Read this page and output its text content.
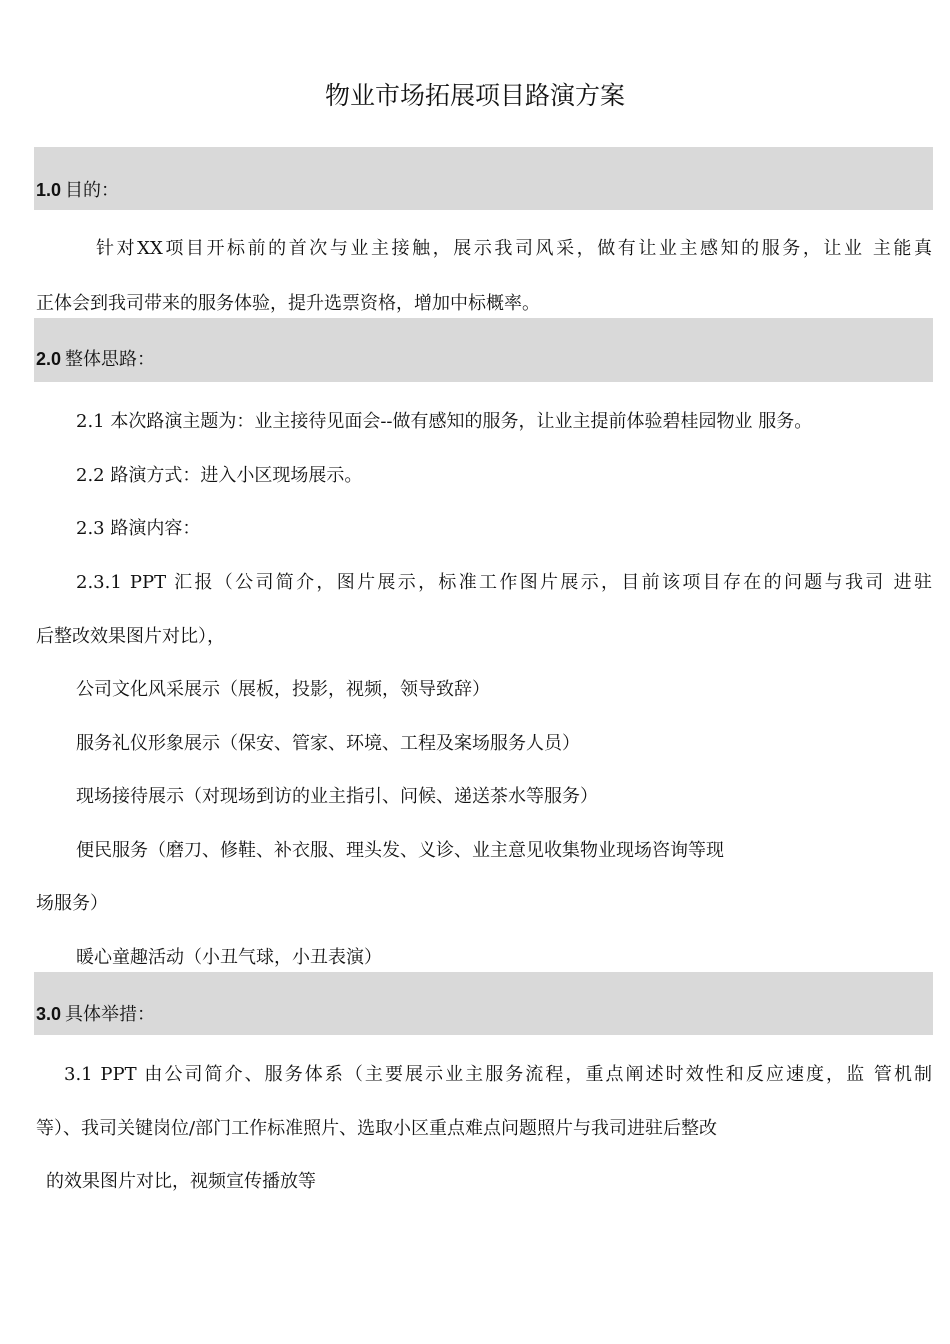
物业市场拓展项目路演方案
1.0 目的：
针对XX项目开标前的首次与业主接触，展示我司风采，做有让业主感知的服务，让业 主能真
正体会到我司带来的服务体验，提升选票资格，增加中标概率。
2.0 整体思路：
2.1 本次路演主题为：业主接待见面会--做有感知的服务，让业主提前体验碧桂园物业 服务。
2.2 路演方式：进入小区现场展示。
2.3 路演内容：
2.3.1 PPT 汇报（公司简介，图片展示，标准工作图片展示，目前该项目存在的问题与我司 进驻
后整改效果图片对比），
公司文化风采展示（展板，投影，视频，领导致辞）
服务礼仪形象展示（保安、管家、环境、工程及案场服务人员）
现场接待展示（对现场到访的业主指引、问候、递送茶水等服务）
便民服务（磨刀、修鞋、补衣服、理头发、义诊、业主意见收集物业现场咨询等现
场服务）
暖心童趣活动（小丑气球，小丑表演）
3.0 具体举措：
3.1 PPT 由公司简介、服务体系（主要展示业主服务流程，重点阐述时效性和反应速度，监 管机制
等）、我司关键岗位/部门工作标准照片、选取小区重点难点问题照片与我司进驻后整改
的效果图片对比，视频宣传播放等
